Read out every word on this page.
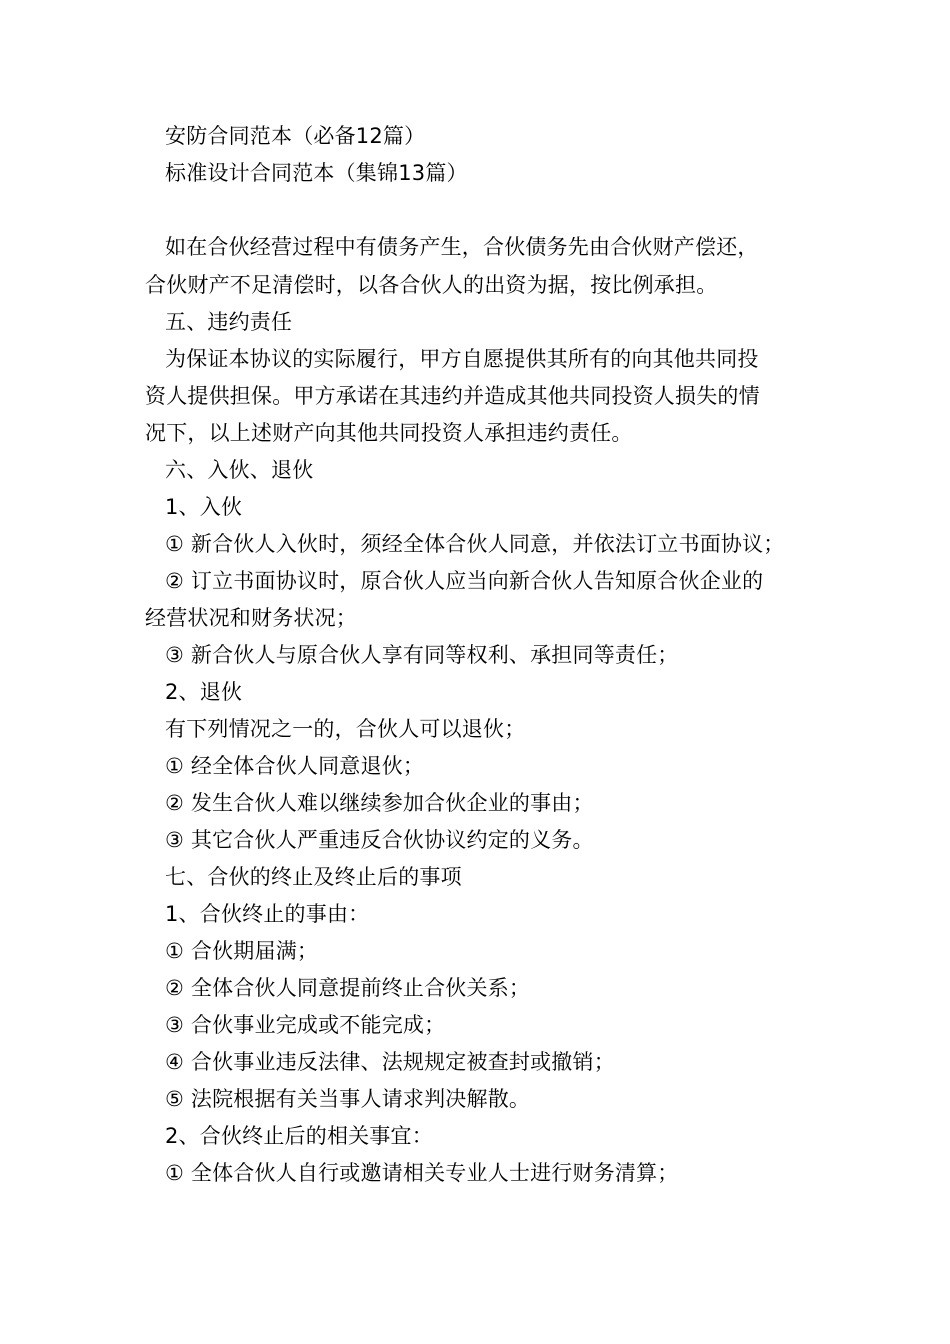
安防合同范本（必备12篇）
标准设计合同范本（集锦13篇）
如在合伙经营过程中有债务产生，合伙债务先由合伙财产偿还，
合伙财产不足清偿时，以各合伙人的出资为据，按比例承担。
五、违约责任
为保证本协议的实际履行，甲方自愿提供其所有的向其他共同投
资人提供担保。甲方承诺在其违约并造成其他共同投资人损失的情
况下，以上述财产向其他共同投资人承担违约责任。
六、入伙、退伙
1、入伙
① 新合伙人入伙时，须经全体合伙人同意，并依法订立书面协议；
② 订立书面协议时，原合伙人应当向新合伙人告知原合伙企业的
经营状况和财务状况；
③ 新合伙人与原合伙人享有同等权利、承担同等责任；
2、退伙
有下列情况之一的，合伙人可以退伙；
① 经全体合伙人同意退伙；
② 发生合伙人难以继续参加合伙企业的事由；
③ 其它合伙人严重违反合伙协议约定的义务。
七、合伙的终止及终止后的事项
1、合伙终止的事由：
① 合伙期届满；
② 全体合伙人同意提前终止合伙关系；
③ 合伙事业完成或不能完成；
④ 合伙事业违反法律、法规规定被查封或撤销；
⑤ 法院根据有关当事人请求判决解散。
2、合伙终止后的相关事宜：
① 全体合伙人自行或邀请相关专业人士进行财务清算；
